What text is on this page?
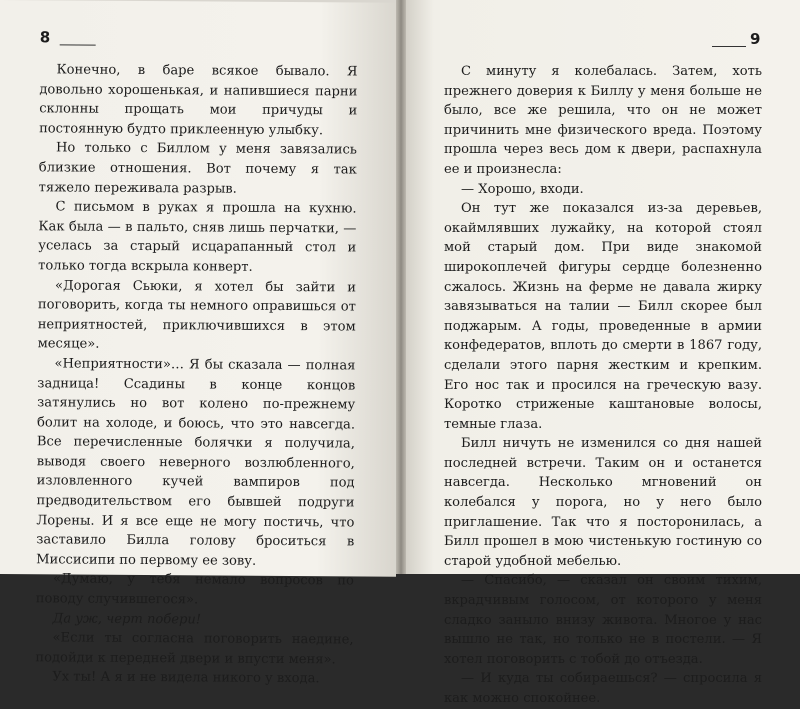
8

Конечно, в баре всякое бывало. Я довольно хорошенькая, и напившиеся парни склонны прощать мои причуды и постоянную будто приклеенную улыбку.

Но только с Биллом у меня завязались близкие отношения. Вот почему я так тяжело переживала разрыв.

С письмом в руках я прошла на кухню. Как была — в пальто, сняв лишь перчатки, — уселась за старый исцарапанный стол и только тогда вскрыла конверт.

«Дорогая Сьюки, я хотел бы зайти и поговорить, когда ты немного оправишься от неприятностей, приключившихся в этом месяце».

«Неприятности»… Я бы сказала — полная задница! Ссадины в конце концов затянулись но вот колено по-прежнему болит на холоде, и боюсь, что это навсегда. Все перечисленные болячки я получила, выводя своего неверного возлюбленного, изловленного кучей вампиров под предводительством его бывшей подруги Лорены. И я все еще не могу постичь, что заставило Билла голову броситься в Миссисипи по первому ее зову.

«Думаю, у тебя немало вопросов по поводу случившегося».

Да уж, черт побери!

«Если ты согласна поговорить наедине, подойди к передней двери и впусти меня».

Ух ты! А я и не видела никого у входа.

9

С минуту я колебалась. Затем, хоть прежнего доверия к Биллу у меня больше не было, все же решила, что он не может причинить мне физического вреда. Поэтому прошла через весь дом к двери, распахнула ее и произнесла:

— Хорошо, входи.

Он тут же показался из-за деревьев, окаймлявших лужайку, на которой стоял мой старый дом. При виде знакомой широкоплечей фигуры сердце болезненно сжалось. Жизнь на ферме не давала жирку завязываться на талии — Билл скорее был поджарым. А годы, проведенные в армии конфедератов, вплоть до смерти в 1867 году, сделали этого парня жестким и крепким. Его нос так и просился на греческую вазу. Коротко стриженые каштановые волосы, темные глаза.

Билл ничуть не изменился со дня нашей последней встречи. Таким он и останется навсегда. Несколько мгновений он колебался у порога, но у него было приглашение. Так что я посторонилась, а Билл прошел в мою чистенькую гостиную со старой удобной мебелью.

— Спасибо, — сказал он своим тихим, вкрадчивым голосом, от которого у меня сладко заныло внизу живота. Многое у нас вышло не так, но только не в постели. — Я хотел поговорить с тобой до отъезда.

— И куда ты собираешься? — спросила я как можно спокойнее.
